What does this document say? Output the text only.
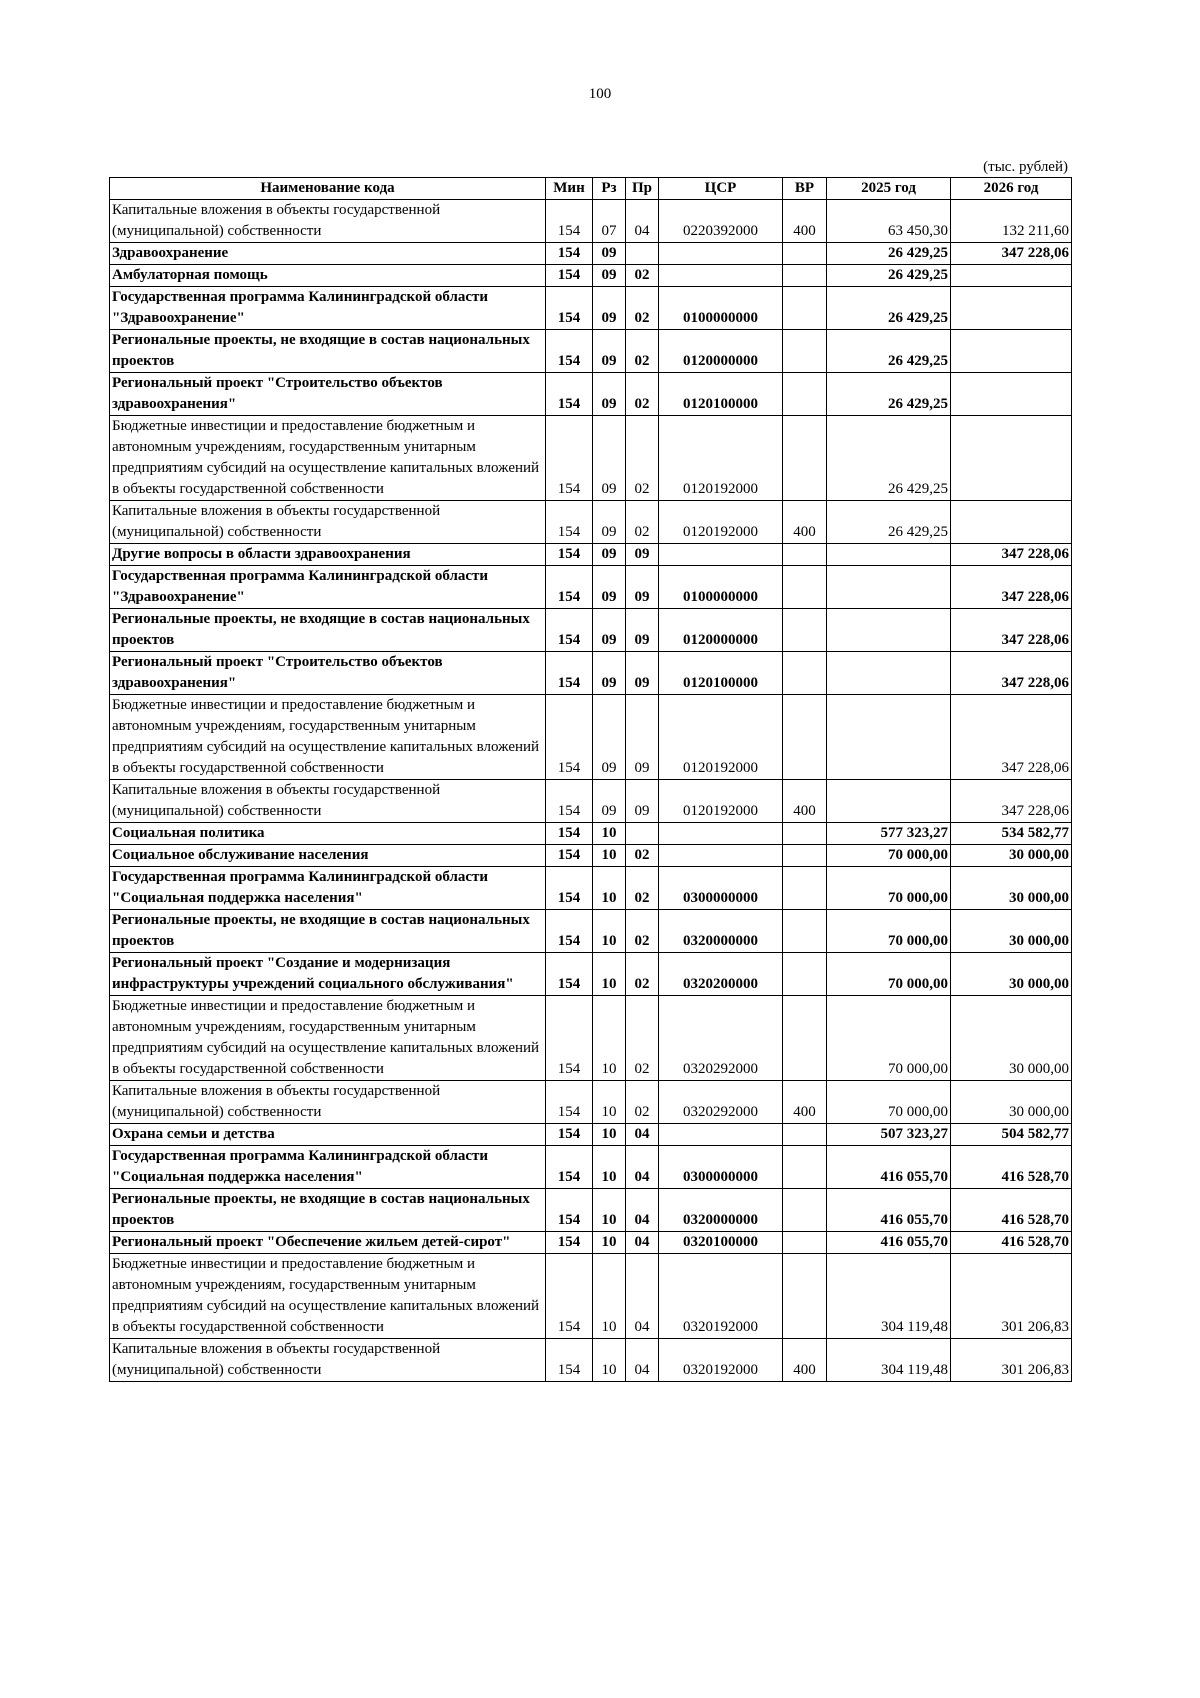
100
(тыс. рублей)
Наименование кода	Мин	Рз	Пр	ЦСР	ВР	2025 год	2026 год
Капитальные вложения в объекты государственной (муниципальной) собственности	154	07	04	0220392000	400	63 450,30	132 211,60
Здравоохранение	154	09				26 429,25	347 228,06
Амбулаторная помощь	154	09	02			26 429,25	
Государственная программа Калининградской области "Здравоохранение"	154	09	02	0100000000		26 429,25	
Региональные проекты, не входящие в состав национальных проектов	154	09	02	0120000000		26 429,25	
Региональный проект "Строительство объектов здравоохранения"	154	09	02	0120100000		26 429,25	
Бюджетные инвестиции и предоставление бюджетным и автономным учреждениям, государственным унитарным предприятиям субсидий на осуществление капитальных вложений в объекты государственной собственности	154	09	02	0120192000		26 429,25	
Капитальные вложения в объекты государственной (муниципальной) собственности	154	09	02	0120192000	400	26 429,25	
Другие вопросы в области здравоохранения	154	09	09				347 228,06
Государственная программа Калининградской области "Здравоохранение"	154	09	09	0100000000			347 228,06
Региональные проекты, не входящие в состав национальных проектов	154	09	09	0120000000			347 228,06
Региональный проект "Строительство объектов здравоохранения"	154	09	09	0120100000			347 228,06
Бюджетные инвестиции и предоставление бюджетным и автономным учреждениям, государственным унитарным предприятиям субсидий на осуществление капитальных вложений в объекты государственной собственности	154	09	09	0120192000			347 228,06
Капитальные вложения в объекты государственной (муниципальной) собственности	154	09	09	0120192000	400		347 228,06
Социальная политика	154	10				577 323,27	534 582,77
Социальное обслуживание населения	154	10	02			70 000,00	30 000,00
Государственная программа Калининградской области "Социальная поддержка населения"	154	10	02	0300000000		70 000,00	30 000,00
Региональные проекты, не входящие в состав национальных проектов	154	10	02	0320000000		70 000,00	30 000,00
Региональный проект "Создание и модернизация инфраструктуры учреждений социального обслуживания"	154	10	02	0320200000		70 000,00	30 000,00
Бюджетные инвестиции и предоставление бюджетным и автономным учреждениям, государственным унитарным предприятиям субсидий на осуществление капитальных вложений в объекты государственной собственности	154	10	02	0320292000		70 000,00	30 000,00
Капитальные вложения в объекты государственной (муниципальной) собственности	154	10	02	0320292000	400	70 000,00	30 000,00
Охрана семьи и детства	154	10	04			507 323,27	504 582,77
Государственная программа Калининградской области "Социальная поддержка населения"	154	10	04	0300000000		416 055,70	416 528,70
Региональные проекты, не входящие в состав национальных проектов	154	10	04	0320000000		416 055,70	416 528,70
Региональный проект "Обеспечение жильем детей-сирот"	154	10	04	0320100000		416 055,70	416 528,70
Бюджетные инвестиции и предоставление бюджетным и автономным учреждениям, государственным унитарным предприятиям субсидий на осуществление капитальных вложений в объекты государственной собственности	154	10	04	0320192000		304 119,48	301 206,83
Капитальные вложения в объекты государственной (муниципальной) собственности	154	10	04	0320192000	400	304 119,48	301 206,83
